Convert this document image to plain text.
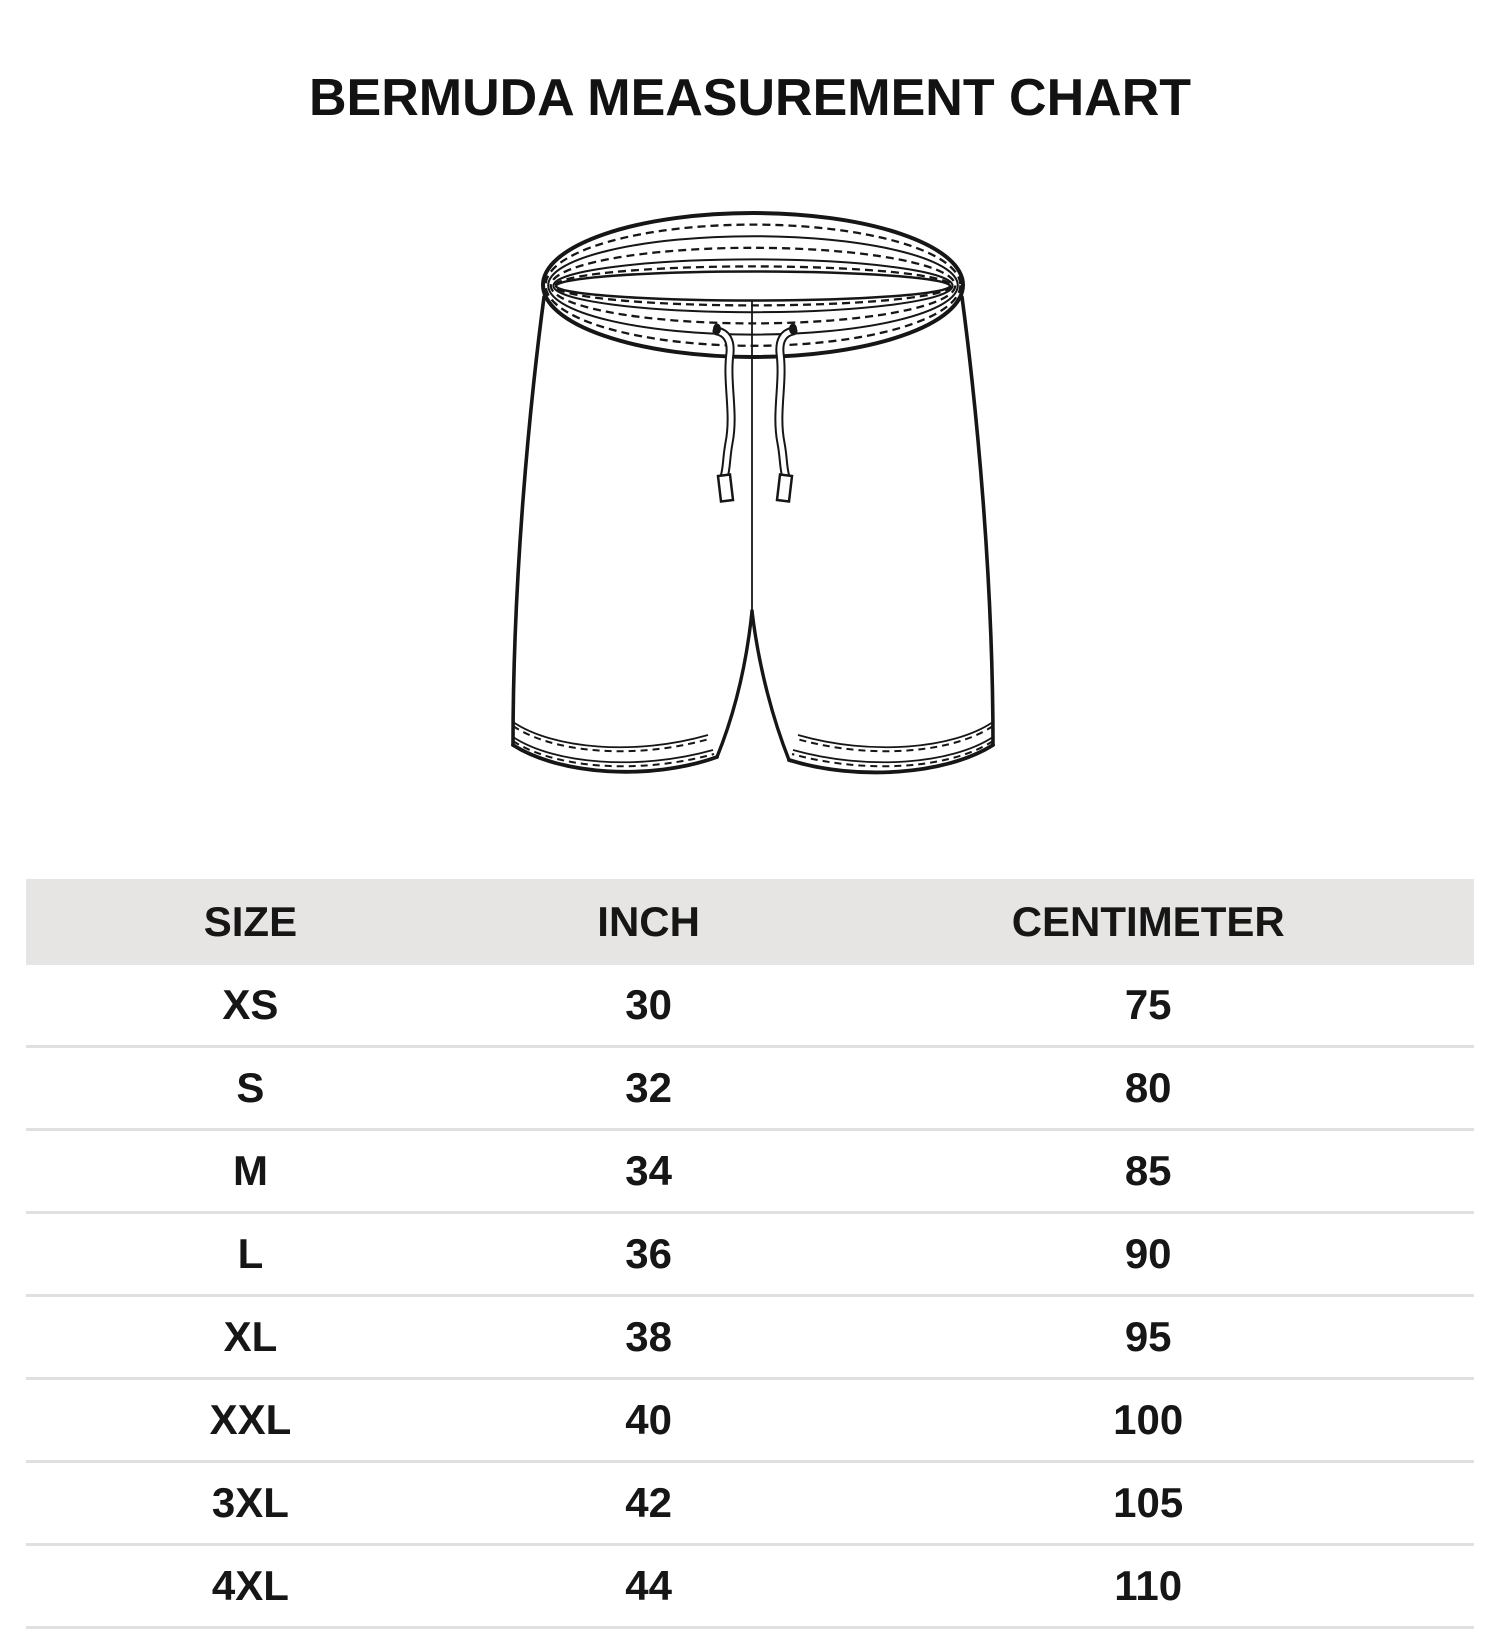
BERMUDA MEASUREMENT CHART
SIZE	INCH	CENTIMETER
XS	30	75
S	32	80
M	34	85
L	36	90
XL	38	95
XXL	40	100
3XL	42	105
4XL	44	110
